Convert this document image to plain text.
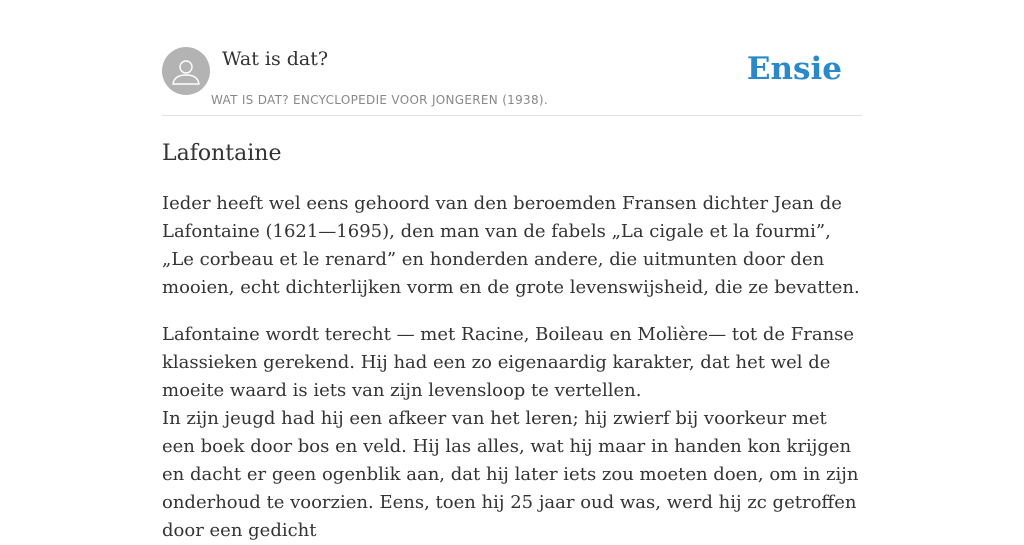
Wat is dat?
WAT IS DAT? ENCYCLOPEDIE VOOR JONGEREN (1938).
Ensie
Lafontaine

Ieder heeft wel eens gehoord van den beroemden Fransen dichter Jean de Lafontaine (1621—1695), den man van de fabels „La cigale et la fourmi”, „Le corbeau et le renard” en honderden andere, die uitmunten door den mooien, echt dichterlijken vorm en de grote levenswijsheid, die ze bevatten.

Lafontaine wordt terecht — met Racine, Boileau en Molière— tot de Franse klassieken gerekend. Hij had een zo eigenaardig karakter, dat het wel de moeite waard is iets van zijn levensloop te vertellen.
In zijn jeugd had hij een afkeer van het leren; hij zwierf bij voorkeur met een boek door bos en veld. Hij las alles, wat hij maar in handen kon krijgen en dacht er geen ogenblik aan, dat hij later iets zou moeten doen, om in zijn onderhoud te voorzien. Eens, toen hij 25 jaar oud was, werd hij zc getroffen door een gedicht
